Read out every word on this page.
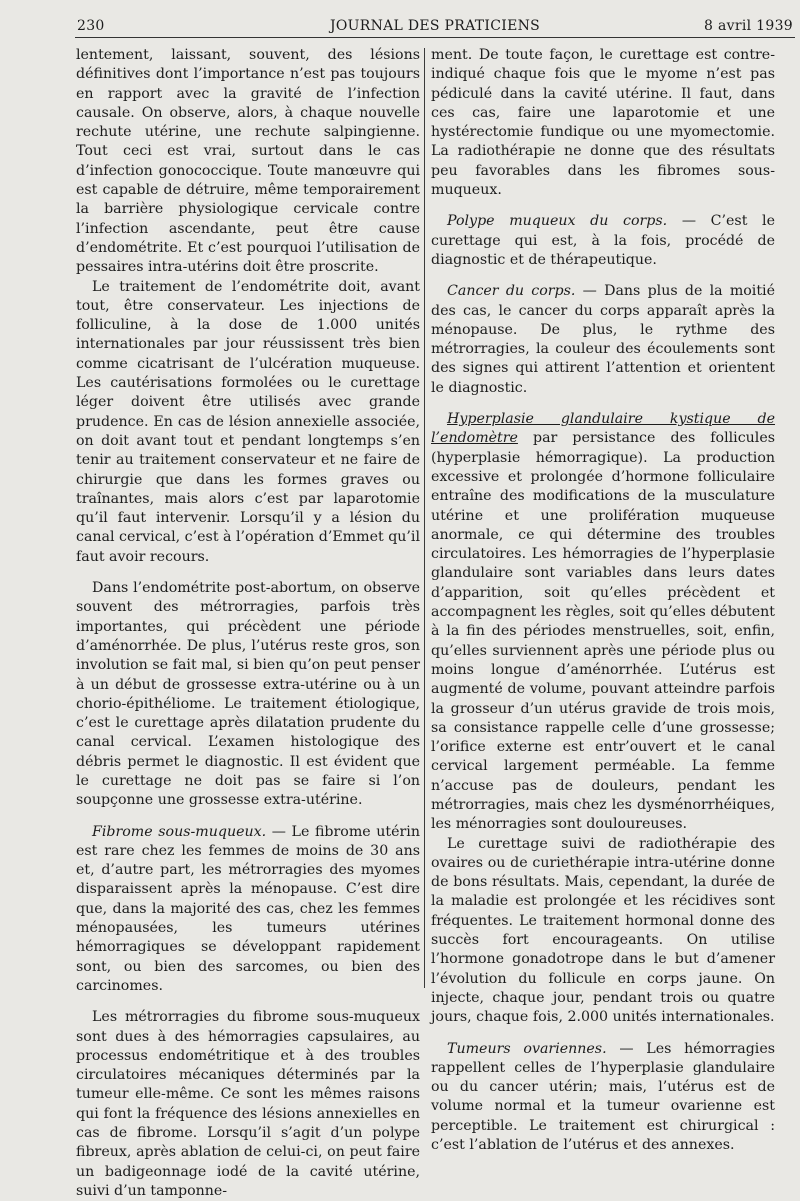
230	JOURNAL DES PRATICIENS	8 avril 1939

lentement, laissant, souvent, des lésions définitives dont l’importance n’est pas toujours en rapport avec la gravité de l’infection causale. On observe, alors, à chaque nouvelle rechute utérine, une rechute salpingienne. Tout ceci est vrai, surtout dans le cas d’infection gonococcique. Toute manœuvre qui est capable de détruire, même temporairement la barrière physiologique cervicale contre l’infection ascendante, peut être cause d’endométrite. Et c’est pourquoi l’utilisation de pessaires intra-utérins doit être proscrite.

Le traitement de l’endométrite doit, avant tout, être conservateur. Les injections de folliculine, à la dose de 1.000 unités internationales par jour réussissent très bien comme cicatrisant de l’ulcération muqueuse. Les cautérisations formolées ou le curettage léger doivent être utilisés avec grande prudence. En cas de lésion annexielle associée, on doit avant tout et pendant longtemps s’en tenir au traitement conservateur et ne faire de chirurgie que dans les formes graves ou traînantes, mais alors c’est par laparotomie qu’il faut intervenir. Lorsqu’il y a lésion du canal cervical, c’est à l’opération d’Emmet qu’il faut avoir recours.

Dans l’endométrite post-abortum, on observe souvent des métrorragies, parfois très importantes, qui précèdent une période d’aménorrhée. De plus, l’utérus reste gros, son involution se fait mal, si bien qu’on peut penser à un début de grossesse extra-utérine ou à un chorio-épithéliome. Le traitement étiologique, c’est le curettage après dilatation prudente du canal cervical. L’examen histologique des débris permet le diagnostic. Il est évident que le curettage ne doit pas se faire si l’on soupçonne une grossesse extra-utérine.

Fibrome sous-muqueux. — Le fibrome utérin est rare chez les femmes de moins de 30 ans et, d’autre part, les métrorragies des myomes disparaissent après la ménopause. C’est dire que, dans la majorité des cas, chez les femmes ménopausées, les tumeurs utérines hémorragiques se développant rapidement sont, ou bien des sarcomes, ou bien des carcinomes.

Les métrorragies du fibrome sous-muqueux sont dues à des hémorragies capsulaires, au processus endométritique et à des troubles circulatoires mécaniques déterminés par la tumeur elle-même. Ce sont les mêmes raisons qui font la fréquence des lésions annexielles en cas de fibrome. Lorsqu’il s’agit d’un polype fibreux, après ablation de celui-ci, on peut faire un badigeonnage iodé de la cavité utérine, suivi d’un tamponne-

ment. De toute façon, le curettage est contre-indiqué chaque fois que le myome n’est pas pédiculé dans la cavité utérine. Il faut, dans ces cas, faire une laparotomie et une hystérectomie fundique ou une myomectomie. La radiothérapie ne donne que des résultats peu favorables dans les fibromes sous-muqueux.

Polype muqueux du corps. — C’est le curettage qui est, à la fois, procédé de diagnostic et de thérapeutique.

Cancer du corps. — Dans plus de la moitié des cas, le cancer du corps apparaît après la ménopause. De plus, le rythme des métrorragies, la couleur des écoulements sont des signes qui attirent l’attention et orientent le diagnostic.

Hyperplasie glandulaire kystique de l’endomètre par persistance des follicules (hyperplasie hémorragique). La production excessive et prolongée d’hormone folliculaire entraîne des modifications de la musculature utérine et une prolifération muqueuse anormale, ce qui détermine des troubles circulatoires. Les hémorragies de l’hyperplasie glandulaire sont variables dans leurs dates d’apparition, soit qu’elles précèdent et accompagnent les règles, soit qu’elles débutent à la fin des périodes menstruelles, soit, enfin, qu’elles surviennent après une période plus ou moins longue d’aménorrhée. L’utérus est augmenté de volume, pouvant atteindre parfois la grosseur d’un utérus gravide de trois mois, sa consistance rappelle celle d’une grossesse; l’orifice externe est entr’ouvert et le canal cervical largement perméable. La femme n’accuse pas de douleurs, pendant les métrorragies, mais chez les dysménorrhéiques, les ménorragies sont douloureuses.

Le curettage suivi de radiothérapie des ovaires ou de curiethérapie intra-utérine donne de bons résultats. Mais, cependant, la durée de la maladie est prolongée et les récidives sont fréquentes. Le traitement hormonal donne des succès fort encourageants. On utilise l’hormone gonadotrope dans le but d’amener l’évolution du follicule en corps jaune. On injecte, chaque jour, pendant trois ou quatre jours, chaque fois, 2.000 unités internationales.

Tumeurs ovariennes. — Les hémorragies rappellent celles de l’hyperplasie glandulaire ou du cancer utérin; mais, l’utérus est de volume normal et la tumeur ovarienne est perceptible. Le traitement est chirurgical : c’est l’ablation de l’utérus et des annexes.
